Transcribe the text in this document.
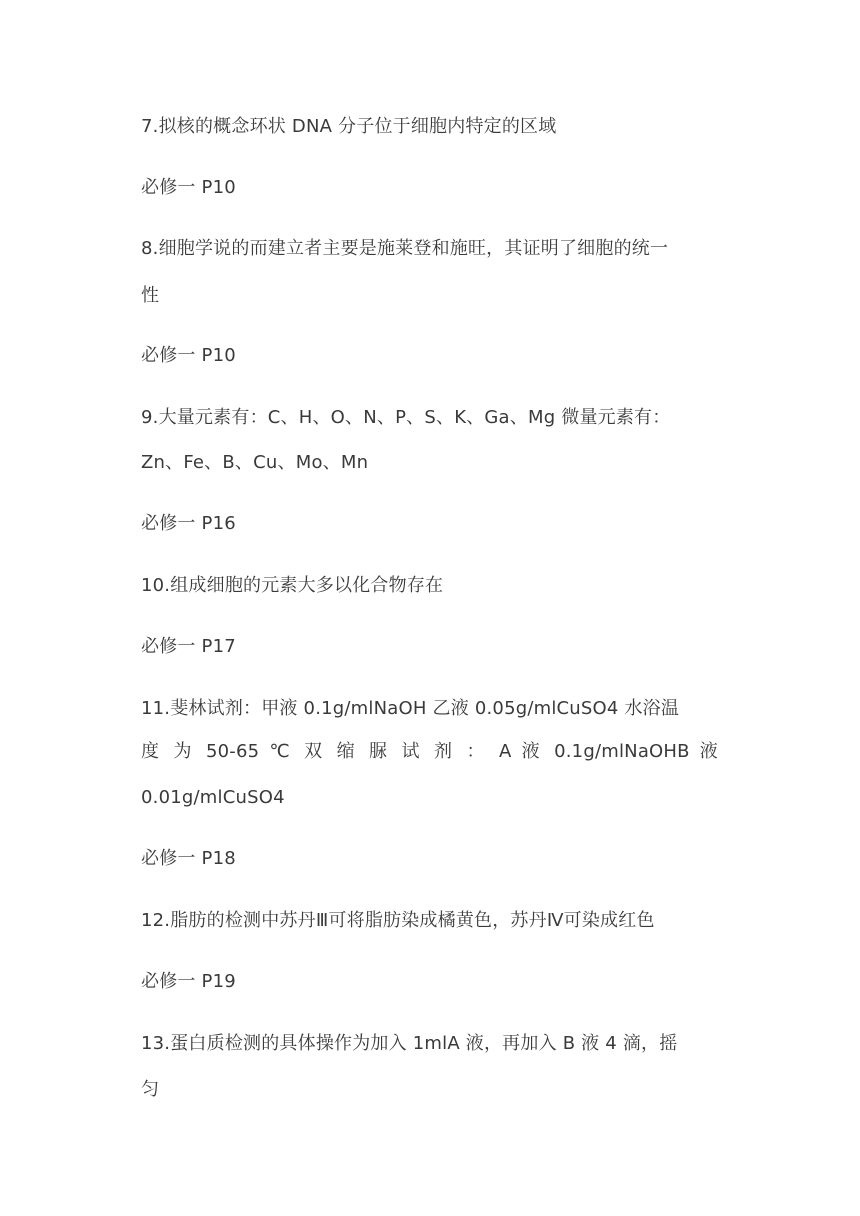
7.拟核的概念环状 DNA 分子位于细胞内特定的区域
必修一 P10
8.细胞学说的而建立者主要是施莱登和施旺，其证明了细胞的统一
性
必修一 P10
9.大量元素有：C、H、O、N、P、S、K、Ga、Mg 微量元素有：
Zn、Fe、B、Cu、Mo、Mn
必修一 P16
10.组成细胞的元素大多以化合物存在
必修一 P17
11.斐林试剂：甲液 0.1g/mlNaOH 乙液 0.05g/mlCuSO4 水浴温
度 为 50-65 ℃ 双 缩 脲 试 剂 ： A 液 0.1g/mlNaOHB 液
0.01g/mlCuSO4
必修一 P18
12.脂肪的检测中苏丹Ⅲ可将脂肪染成橘黄色，苏丹Ⅳ可染成红色
必修一 P19
13.蛋白质检测的具体操作为加入 1mlA 液，再加入 B 液 4 滴，摇
匀
